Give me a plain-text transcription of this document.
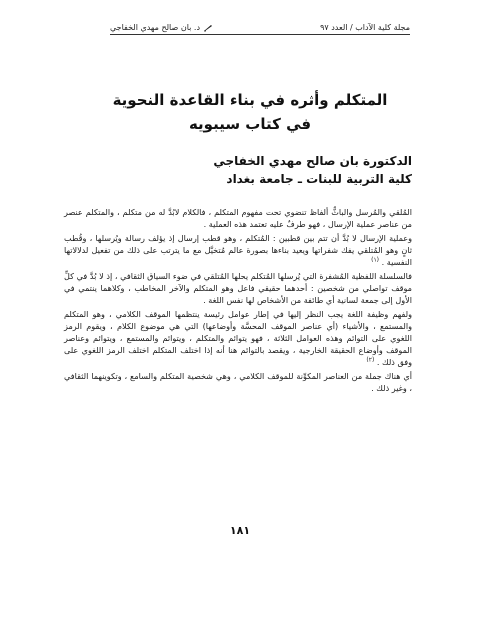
مجلة كلية الآداب / العدد ٩٧
د. بان صالح مهدي الخفاجي
المتكلم وأثره في بناء القاعدة النحوية
في كتاب سيبويه
الدكتورة بان صالح مهدي الخفاجي
كلية التربية للبنات ـ جامعة بغداد

المُلقي والمُرسل والباثُّ ألفاظ تنضوي تحت مفهوم المتكلم ، فالكلام لابُدَّ له من متكلم ، والمتكلم عنصر من عناصر عملية الإرسال ، فهو طرفٌ عليه تعتمد هذه العملية .

وعملية الإرسال لا بُدَّ أن تتم بين قطبين : المُتكلم ، وهو قطب إرسال إذ يؤلف رسالة ويُرسلها ، وقُطب ثانٍ وهو المُتلقي يفك شفراتها ويعيد بناءها بصورة عالم مُتخيَّل مع ما يترتب على ذلك من تفعيل لدلالاتها النفسية . $^{(١)}$

فالسلسلة اللفظية المُشفرة التي يُرسلها المُتكلم يحلها المُتلقي في ضوء السياق الثقافي ، إذ لا بُدَّ في كلِّ موقف تواصلي من شخصين : أحدهما حقيقي فاعل وهو المتكلم والآخر المخاطب ، وكلاهما ينتمي في الأول إلى جمعة لسانية أي طائفة من الأشخاص لها نفس اللغة .

ولفهم وظيفة اللغة يجب النظر إليها في إطار عوامل رئيسة ينتظمها الموقف الكلامي ، وهو المتكلم والمستمع ، والأشياء (أي عناصر الموقف المحسَّة وأوضاعها) التي هي موضوع الكلام ، ويقوم الرمز اللغوي على التوائم وهذه العوامل الثلاثة ، فهو يتوائم والمتكلم ، ويتوائم والمستمع ، ويتوائم وعناصر الموقف وأوضاع الحقيقة الخارجية ، ويقصد بالتوائم هنا أنه إذا اختلف المتكلم اختلف الرمز اللغوي على وفق ذلك . $^{(٢)}$

أي هناك جملة من العناصر المكوِّنة للموقف الكلامي ، وهي شخصية المتكلم والسامع ، وتكوينهما الثقافي ، وغير ذلك .

١٨١
